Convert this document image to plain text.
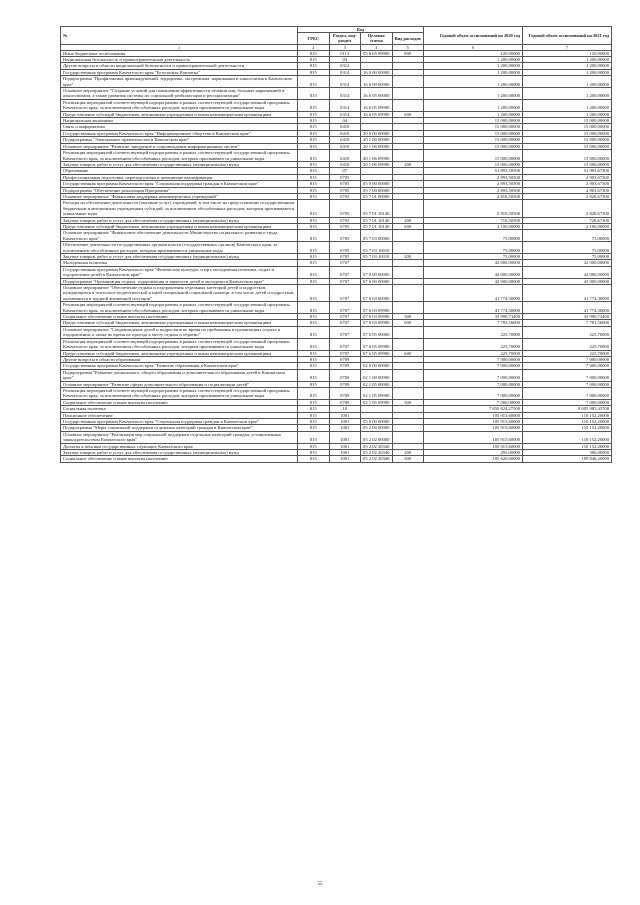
№	Код				Годовой объем ассигнований на 2020 год	Годовой объем ассигнований на 2021 год
	ГРБС	Раздел, под-раздел	Целевая статья	Вид расходов		
1	2	3	4	5	6	7
Иные бюджетные ассигнования	815	0113	05 6 05 09990	800	120,00000	120,00000
Национальная безопасность и правоохранительная деятельность	815	03			1 200,00000	1 200,00000
Другие вопросы в области национальной безопасности и правоохранительной деятельности	815	0314			1 200,00000	1 200,00000
Государственная программа Камчатского края "Безопасная Камчатка"	815	0314	16 0 00 00000		1 200,00000	1 200,00000
Подпрограмма "Профилактика правонарушений, терроризма, экстремизма, наркомании и алкоголизма в Камчатском крае"	815	0314	16 6 00 00000		1 200,00000	1 200,00000
Основное мероприятие "Создание условий для повышения эффективности лечения лиц, больных наркоманией и алкоголизмом, а также развития системы их социальной реабилитации и ресоциализации"	815	0314	16 6 05 00000		1 200,00000	1 200,00000
Реализация мероприятий соответствующей подпрограммы в рамках соответствующей государственной программы Камчатского края, за исключением обособленных расходов, которым присваиваются уникальные коды	815	0314	16 6 05 09990		1 200,00000	1 200,00000
Предоставление субсидий бюджетным, автономным учреждениям и иным некоммерческим организациям	815	0314	16 6 05 09990	600	1 200,00000	1 200,00000
Национальная экономика	815	04			15 000,00000	15 000,00000
Связь и информатика	815	0410			15 000,00000	15 000,00000
Государственная программа Камчатского края "Информационное общество в Камчатском крае"	815	0410	20 0 00 00000		15 000,00000	15 000,00000
Подпрограмма "Электронное правительство в Камчатском крае"	815	0410	20 1 00 00000		15 000,00000	15 000,00000
Основное мероприятие "Развитие, внедрение и сопровождение информационных систем"	815	0410	20 1 06 00000		15 000,00000	15 000,00000
Реализация мероприятий соответствующей подпрограммы в рамках соответствующей государственной программы Камчатского края, за исключением обособленных расходов, которым присваиваются уникальные коды	815	0410	20 1 06 09990		15 000,00000	15 000,00000
Закупка товаров, работ и услуг для обеспечения государственных (муниципальных) нужд	815	0410	20 1 06 09990	200	15 000,00000	15 000,00000
Образование	815	07			51 893,50500	51 903,67300
Профессиональная подготовка, переподготовка и повышение квалификации	815	0705			2 893,50500	2 903,67300
Государственная программа Камчатского края "Социальная поддержка граждан в Камчатском крае"	815	0705	05 0 00 00000		2 893,50500	2 903,67300
Подпрограмма "Обеспечение реализации Программы"	815	0705	05 7 00 00000		2 893,50500	2 903,67300
Основное мероприятие "Финансовая поддержка некоммерческих учреждений"	815	0705	05 7 01 00000		2 818,50500	2 828,67300
Расходы на обеспечение деятельности (оказание услуг) учреждений, в том числе на предоставление государственным бюджетным и автономным учреждениям субсидий, за исключением обособленных расходов, которым присваиваются уникальные коды	815	0705	05 7 01 10140		2 818,50500	2 828,67300
Закупка товаров, работ и услуг для обеспечения государственных (муниципальных) нужд	815	0705	05 7 01 10140	200	718,50500	728,67300
Предоставление субсидий бюджетным, автономным учреждениям и иным некоммерческим организациям	815	0705	05 7 01 10140	600	2 100,00000	2 100,00000
Основное мероприятие "Финансовое обеспечение деятельности Министерства социального развития и труда Камчатского края"	815	0705	05 7 03 00000		75,00000	75,00000
Обеспечение деятельности государственных органов власти (государственных органов) Камчатского края, за исключением обособленных расходов, которым присваиваются уникальные коды	815	0705	05 7 03 10010		75,00000	75,00000
Закупка товаров, работ и услуг для обеспечения государственных (муниципальных) нужд	815	0705	05 7 03 10010	200	75,00000	75,00000
Молодежная политика	815	0707			42 000,00000	42 000,00000
Государственная программа Камчатского края "Физическая культура, спорт, молодежная политика, отдых и оздоровление детей в Камчатском крае"	815	0707	07 0 00 00000		42 000,00000	42 000,00000
Подпрограмма "Организация отдыха, оздоровления и занятости детей и молодежи в Камчатском крае"	815	0707	07 6 00 00000		42 000,00000	42 000,00000
Основное мероприятие "Обеспечение отдыха и оздоровления отдельных категорий детей и подростков, нуждающихся в психолого-педагогической и иной специальной социальной помощи, в том числе детей и подростков, оказавшихся в трудной жизненной ситуации"	815	0707	07 6 03 00000		41 774,30000	41 774,30000
Реализация мероприятий соответствующей подпрограммы в рамках соответствующей государственной программы Камчатского края, за исключением обособленных расходов, которым присваиваются уникальные коды	815	0707	07 6 03 09990		41 774,30000	41 774,30000
Социальное обеспечение и иные выплаты населению	815	0707	07 6 03 09990	300	33 990,73400	33 990,73400
Предоставление субсидий бюджетным, автономным учреждениям и иным некоммерческим организациям	815	0707	07 6 03 09990	600	7 783,56600	7 783,56600
Основное мероприятие "Сопровождение детей и подростков во время их пребывания в организациях отдыха и оздоровления, а также во время их проезда к месту отдыха и обратно"	815	0707	07 6 05 00000		225,70000	225,70000
Реализация мероприятий соответствующей подпрограммы в рамках соответствующей государственной программы Камчатского края, за исключением обособленных расходов, которым присваиваются уникальные коды	815	0707	07 6 05 09990		225,70000	225,70000
Предоставление субсидий бюджетным, автономным учреждениям и иным некоммерческим организациям	815	0707	07 6 05 09990	600	225,70000	225,70000
Другие вопросы в области образования	815	0709			7 000,00000	7 000,00000
Государственная программа Камчатского края "Развитие образования в Камчатском крае"	815	0709	02 0 00 00000		7 000,00000	7 000,00000
Подпрограмма "Развитие дошкольного, общего образования и дополнительного образования детей в Камчатском крае"	815	0709	02 1 00 00000		7 000,00000	7 000,00000
Основное мероприятие "Развитие сферы дополнительного образования и социализации детей"	815	0709	02 1 05 00000		7 000,00000	7 000,00000
Реализация мероприятий соответствующей подпрограммы в рамках соответствующей государственной программы Камчатского края, за исключением обособленных расходов, которым присваиваются уникальные коды	815	0709	02 1 05 09990		7 000,00000	7 000,00000
Социальное обеспечение и иные выплаты населению	815	0709	02 1 05 09990	300	7 000,00000	7 000,00000
Социальная политика	815	10			7 850 824,27500	8 005 985,43700
Пенсионное обеспечение	815	1001			105 915,60000	110 152,20000
Государственная программа Камчатского края "Социальная поддержка граждан в Камчатском крае"	815	1001	05 0 00 00000		105 915,60000	110 152,20000
Подпрограмма "Меры социальной поддержки отдельных категорий граждан в Камчатском крае"	815	1001	05 2 00 00000		105 915,60000	110 152,20000
Основное мероприятие "Реализация мер социальной поддержки отдельных категорий граждан, установленных законодательством Камчатского края"	815	1001	05 2 02 00000		105 915,60000	110 152,20000
Доплаты к пенсиям государственных служащих Камчатского края	815	1001	05 2 02 20340		105 915,60000	110 152,20000
Закупка товаров, работ и услуг для обеспечения государственных (муниципальных) нужд	815	1001	05 2 02 20340	200	295,00000	306,00000
Социальное обеспечение и иные выплаты населению	815	1001	05 2 02 20340	300	105 620,60000	109 846,20000
55
